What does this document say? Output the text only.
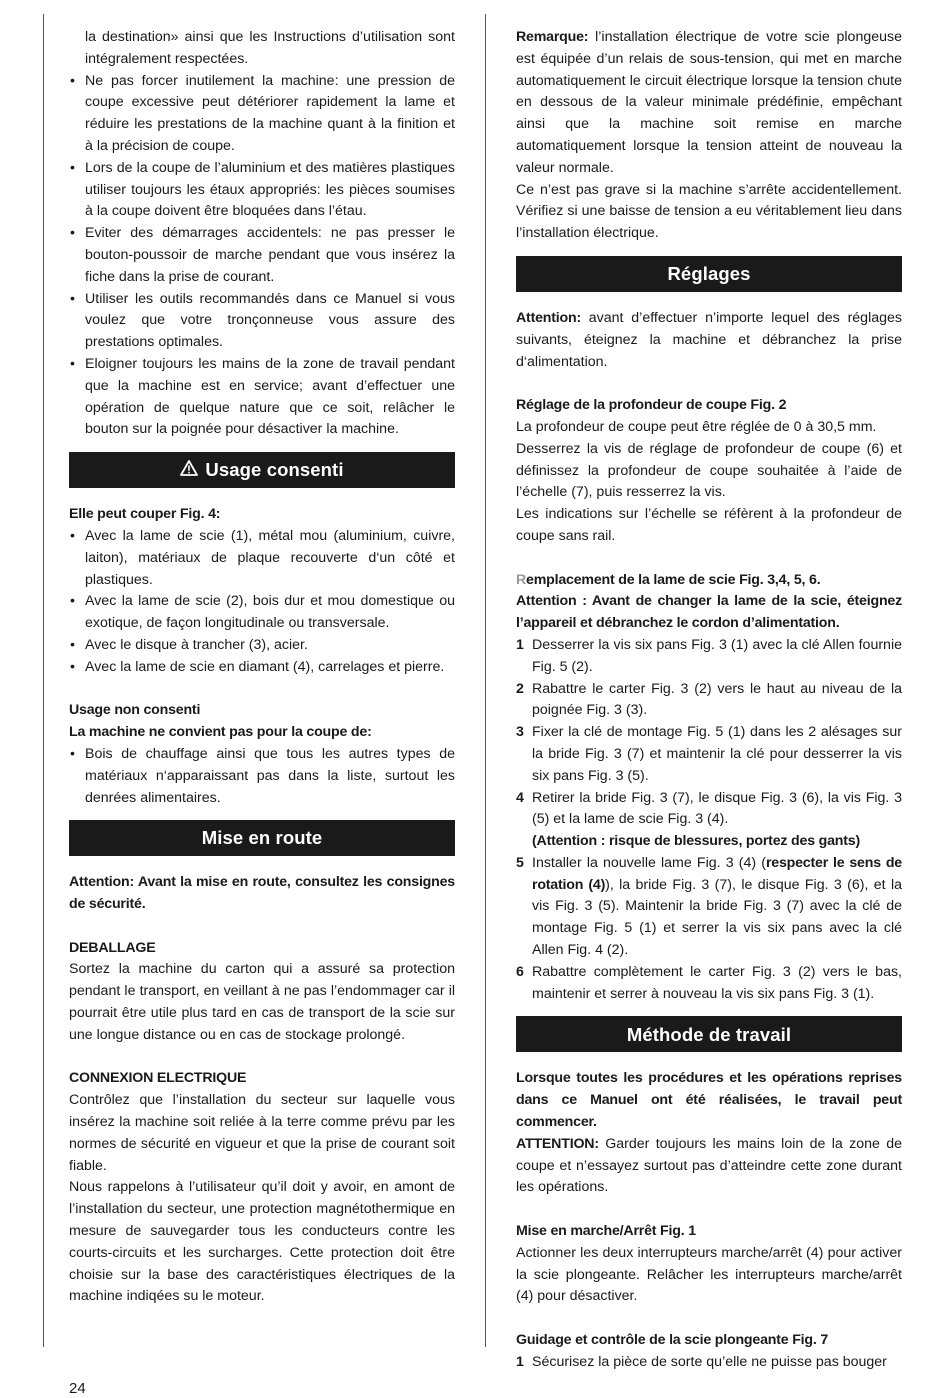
la destination» ainsi que les Instructions d’utilisation sont intégralement respectées.

• Ne pas forcer inutilement la machine: une pression de coupe excessive peut détériorer rapidement la lame et réduire les prestations de la machine quant à la finition et à la précision de coupe.
• Lors de la coupe de l’aluminium et des matières plastiques utiliser toujours les étaux appropriés: les pièces soumises à la coupe doivent être bloquées dans l’étau.
• Eviter des démarrages accidentels: ne pas presser le bouton-poussoir de marche pendant que vous insérez la fiche dans la prise de courant.
• Utiliser les outils recommandés dans ce Manuel si vous voulez que votre tronçonneuse vous assure des prestations optimales.
• Eloigner toujours les mains de la zone de travail pendant que la machine est en service; avant d’effectuer une opération de quelque nature que ce soit, relâcher le bouton sur la poignée pour désactiver la machine.
Usage consenti

Elle peut couper Fig. 4:

• Avec la lame de scie (1), métal mou (aluminium, cuivre, laiton), matériaux de plaque recouverte d‘un côté et plastiques.
• Avec la lame de scie (2), bois dur et mou domestique ou exotique, de façon longitudinale ou transversale.
• Avec le disque à trancher (3), acier.
• Avec la lame de scie en diamant (4), carrelages et pierre.

Usage non consenti

La machine ne convient pas pour la coupe de:

• Bois de chauffage ainsi que tous les autres types de matériaux n‘apparaissant pas dans la liste, surtout les denrées alimentaires.
Mise en route

Attention: Avant la mise en route, consultez les consignes de sécurité.

DEBALLAGE

Sortez la machine du carton qui a assuré sa protection pendant le transport, en veillant à ne pas l’endommager car il pourrait être utile plus tard en cas de transport de la scie sur une longue distance ou en cas de stockage prolongé.

CONNEXION ELECTRIQUE

Contrôlez que l’installation du secteur sur laquelle vous insérez la machine soit reliée à la terre comme prévu par les normes de sécurité en vigueur et que la prise de courant soit fiable.

Nous rappelons à l’utilisateur qu’il doit y avoir, en amont de l’installation du secteur, une protection magnétothermique en mesure de sauvegarder tous les conducteurs contre les courts-circuits et les surcharges. Cette protection doit être choisie sur la base des caractéristiques électriques de la machine indiqées su le moteur.

Remarque: l’installation électrique de votre scie plongeuse est équipée d’un relais de sous-tension, qui met en marche automatiquement le circuit électrique lorsque la tension chute en dessous de la valeur minimale prédéfinie, empêchant ainsi que la machine soit remise en marche automatiquement lorsque la tension atteint de nouveau la valeur normale.

Ce n’est pas grave si la machine s’arrête accidentellement. Vérifiez si une baisse de tension a eu véritablement lieu dans l’installation électrique.

Réglages

Attention: avant d’effectuer n’importe lequel des réglages suivants, éteignez la machine et débranchez la prise d‘alimentation.

Réglage de la profondeur de coupe Fig. 2

La profondeur de coupe peut être réglée de 0 à 30,5 mm.

Desserrez la vis de réglage de profondeur de coupe (6) et définissez la profondeur de coupe souhaitée à l’aide de l’échelle (7), puis resserrez la vis.

Les indications sur l’échelle se réfèrent à la profondeur de coupe sans rail.

Remplacement de la lame de scie Fig. 3,4, 5, 6.

Attention : Avant de changer la lame de la scie, éteignez l’appareil et débranchez le cordon d’alimentation.

1 Desserrer la vis six pans Fig. 3 (1) avec la clé Allen fournie Fig. 5 (2).
2 Rabattre le carter Fig. 3 (2) vers le haut au niveau de la poignée Fig. 3 (3).
3 Fixer la clé de montage Fig. 5 (1) dans les 2 alésages sur la bride Fig. 3 (7) et maintenir la clé pour desserrer la vis six pans Fig. 3 (5).
4 Retirer la bride Fig. 3 (7), le disque Fig. 3 (6), la vis Fig. 3 (5) et la lame de scie Fig. 3 (4).
(Attention : risque de blessures, portez des gants)
5 Installer la nouvelle lame Fig. 3 (4) (respecter le sens de rotation (4)), la bride Fig. 3 (7), le disque Fig. 3 (6), et la vis Fig. 3 (5). Maintenir la bride Fig. 3 (7) avec la clé de montage Fig. 5 (1) et serrer la vis six pans avec la clé Allen Fig. 4 (2).
6 Rabattre complètement le carter Fig. 3 (2) vers le bas, maintenir et serrer à nouveau la vis six pans Fig. 3 (1).
Méthode de travail

Lorsque toutes les procédures et les opérations reprises dans ce Manuel ont été réalisées, le travail peut commencer.

ATTENTION: Garder toujours les mains loin de la zone de coupe et n’essayez surtout pas d’atteindre cette zone durant les opérations.

Mise en marche/Arrêt Fig. 1

Actionner les deux interrupteurs marche/arrêt (4) pour activer la scie plongeante. Relâcher les interrupteurs marche/arrêt (4) pour désactiver.

Guidage et contrôle de la scie plongeante Fig. 7

1 Sécurisez la pièce de sorte qu’elle ne puisse pas bouger
24
